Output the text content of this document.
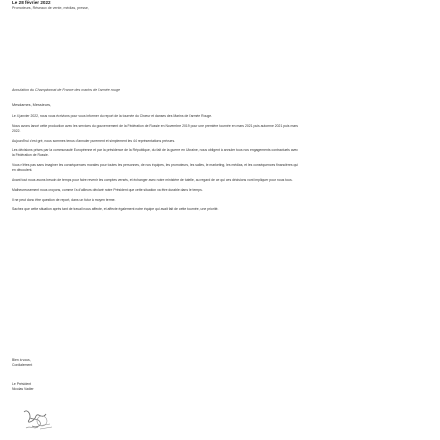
Le 28 février 2022
Promoteurs, Réseaux de vente, médias, presse,
Annulation du Championnat de France des marins de l'armée rouge
Mesdames, Messieurs,

Le 4 janvier 2022, nous vous écrivions pour vous informer du report de la tournée du Chœur et danses des Marins de l'armée Rouge.

Nous avons lancé cette production avec les services du gouvernement de la Fédération de Russie en Novembre 2019 pour une première tournée en mars 2021 puis automne 2021 puis mars 2022.

Aujourd'hui c'est gré, nous sommes tenus d'annuler purement et simplement les 44 représentations prévues.

Les décisions prises par la communauté Européenne et par la présidence de la République, du fait de la guerre en Ukraine, nous obligent à annuler tous nos engagements contractuels avec la Fédération de Russie.

Vous n'êtes pas sans imaginer les conséquences morales pour toutes les personnes, de nos équipes, les promoteurs, les salles, le marketing, les médias, et les conséquences financières qui en découlent.

Avant tout nous avons besoin de temps pour faire revenir les comptes versés, et échanger avec notre ministère de tutelle, au regard de ce qui ces décisions vont impliquer pour nous tous.

Malheureusement nous croyons, comme l'a d'ailleurs déclaré notre Président que cette situation va être durable dans le temps.

Il ne peut donc être question de report, dans un futur à moyen terme.

Sachez que cette situation après tant de travail nous affecte, et affecte également notre équipe qui avait fait de cette tournée, une priorité.

Bien à vous,
Cordialement
Le Président
Nicolas Vadier
